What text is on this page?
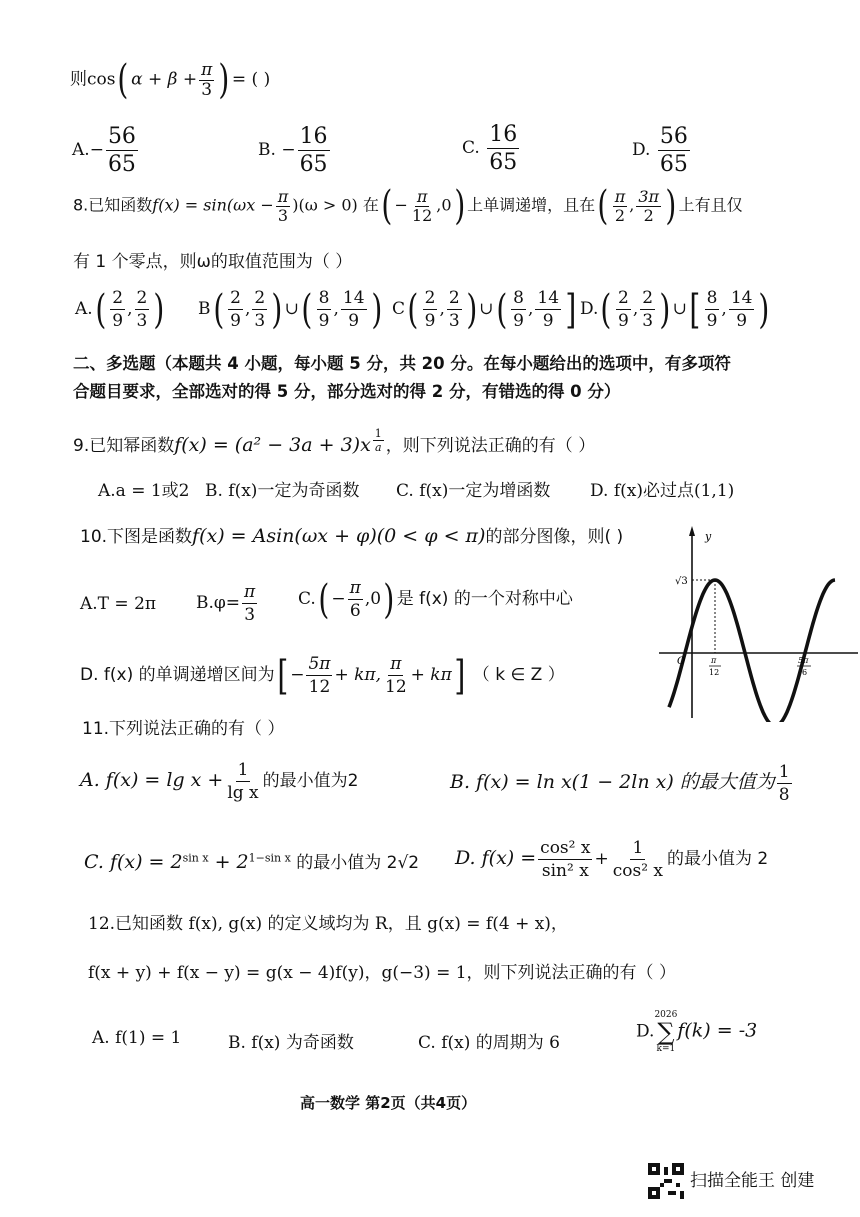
则cos( $\alpha + \beta + \frac{\pi}{3}$ ) = ( )
$A.- \frac{56}{65}$	B. − $\frac{16}{65}$	C. $\frac{16}{65}$	D. $\frac{56}{65}$
8.已知函数$f(x) = \sin(\omega x - \frac{\pi}{3} )(\omega > 0)$ 在( − $\frac{\pi}{12} ,0$) 上单调递增，且在( $\frac{\pi}{2}$ , $\frac{3\pi}{2}$ ) 上有且仅
有 1 个零点，则ω的取值范围为（ ）
$A.( \frac{2}{9}$ , $\frac{2}{3}$ ) $B( \frac{2}{9}$ , $\frac{2}{3}$ ) ∪( $\frac{8}{9}$ , $\frac{14}{9}$ ) $C( \frac{2}{9}$ , $\frac{2}{3}$ ) ∪( $\frac{8}{9}$ , $\frac{14}{9}$ ] $D.( \frac{2}{9}$ , $\frac{2}{3}$ ) ∪[ $\frac{8}{9}$ , $\frac{14}{9}$ )
二、多选题（本题共 4 小题，每小题 5 分，共 20 分。在每小题给出的选项中，有多项符
合题目要求，全部选对的得 5 分，部分选对的得 2 分，有错选的得 0 分）
9.已知幂函数$f(x) = (a^2 - 3a + 3)x \frac{1}{a}$ ，则下列说法正确的有（ ）
A.a = 1或2 B. f(x)一定为奇函数 C. f(x)一定为增函数 D. f(x)必过点(1,1)
10.下图是函数f(x) = Asin(ωx + φ)(0 < φ < π)的部分图像，则( )
A.T = 2π $B.\varphi= \frac{\pi}{3} C.( - \frac{\pi}{6} ,0)$ 是 f(x) 的一个对称中心
D. f(x) 的单调递增区间为[ − $\frac{5\pi}{12} + k\pi$, $\frac{\pi}{12} + k\pi$] （ k ∈ Z ）
y
O
√3
π
12
5π
6
11.下列说法正确的有（ ）
A. $f(x) = \lg x + \frac{1}{\text{lg x}}$ 的最小值为2	B. f(x) = ln x(1 − 2ln x) 的最大值为 $\frac{1}{8}$
C. $f(x) = 2^{sin x} + 2^{1-sin x}$ 的最小值为 2√2 D. $f(x) = \frac{\text{cos² x}}{\text{sin² x}} + \frac{1}{\text{cos² x}}$ 的最小值为 2
12.已知函数 f(x), g(x) 的定义域均为 R，且 g(x) = f(4 + x)，
f(x + y) + f(x − y) = g(x − 4)f(y)，g(−3) = 1，则下列说法正确的有（ ）
A. f(1) = 1	B. f(x) 为奇函数	C. f(x) 的周期为 6
D.
2026
∑
k=1
f(k) = -3
高一数学 第2页（共4页）
扫描全能王 创建
